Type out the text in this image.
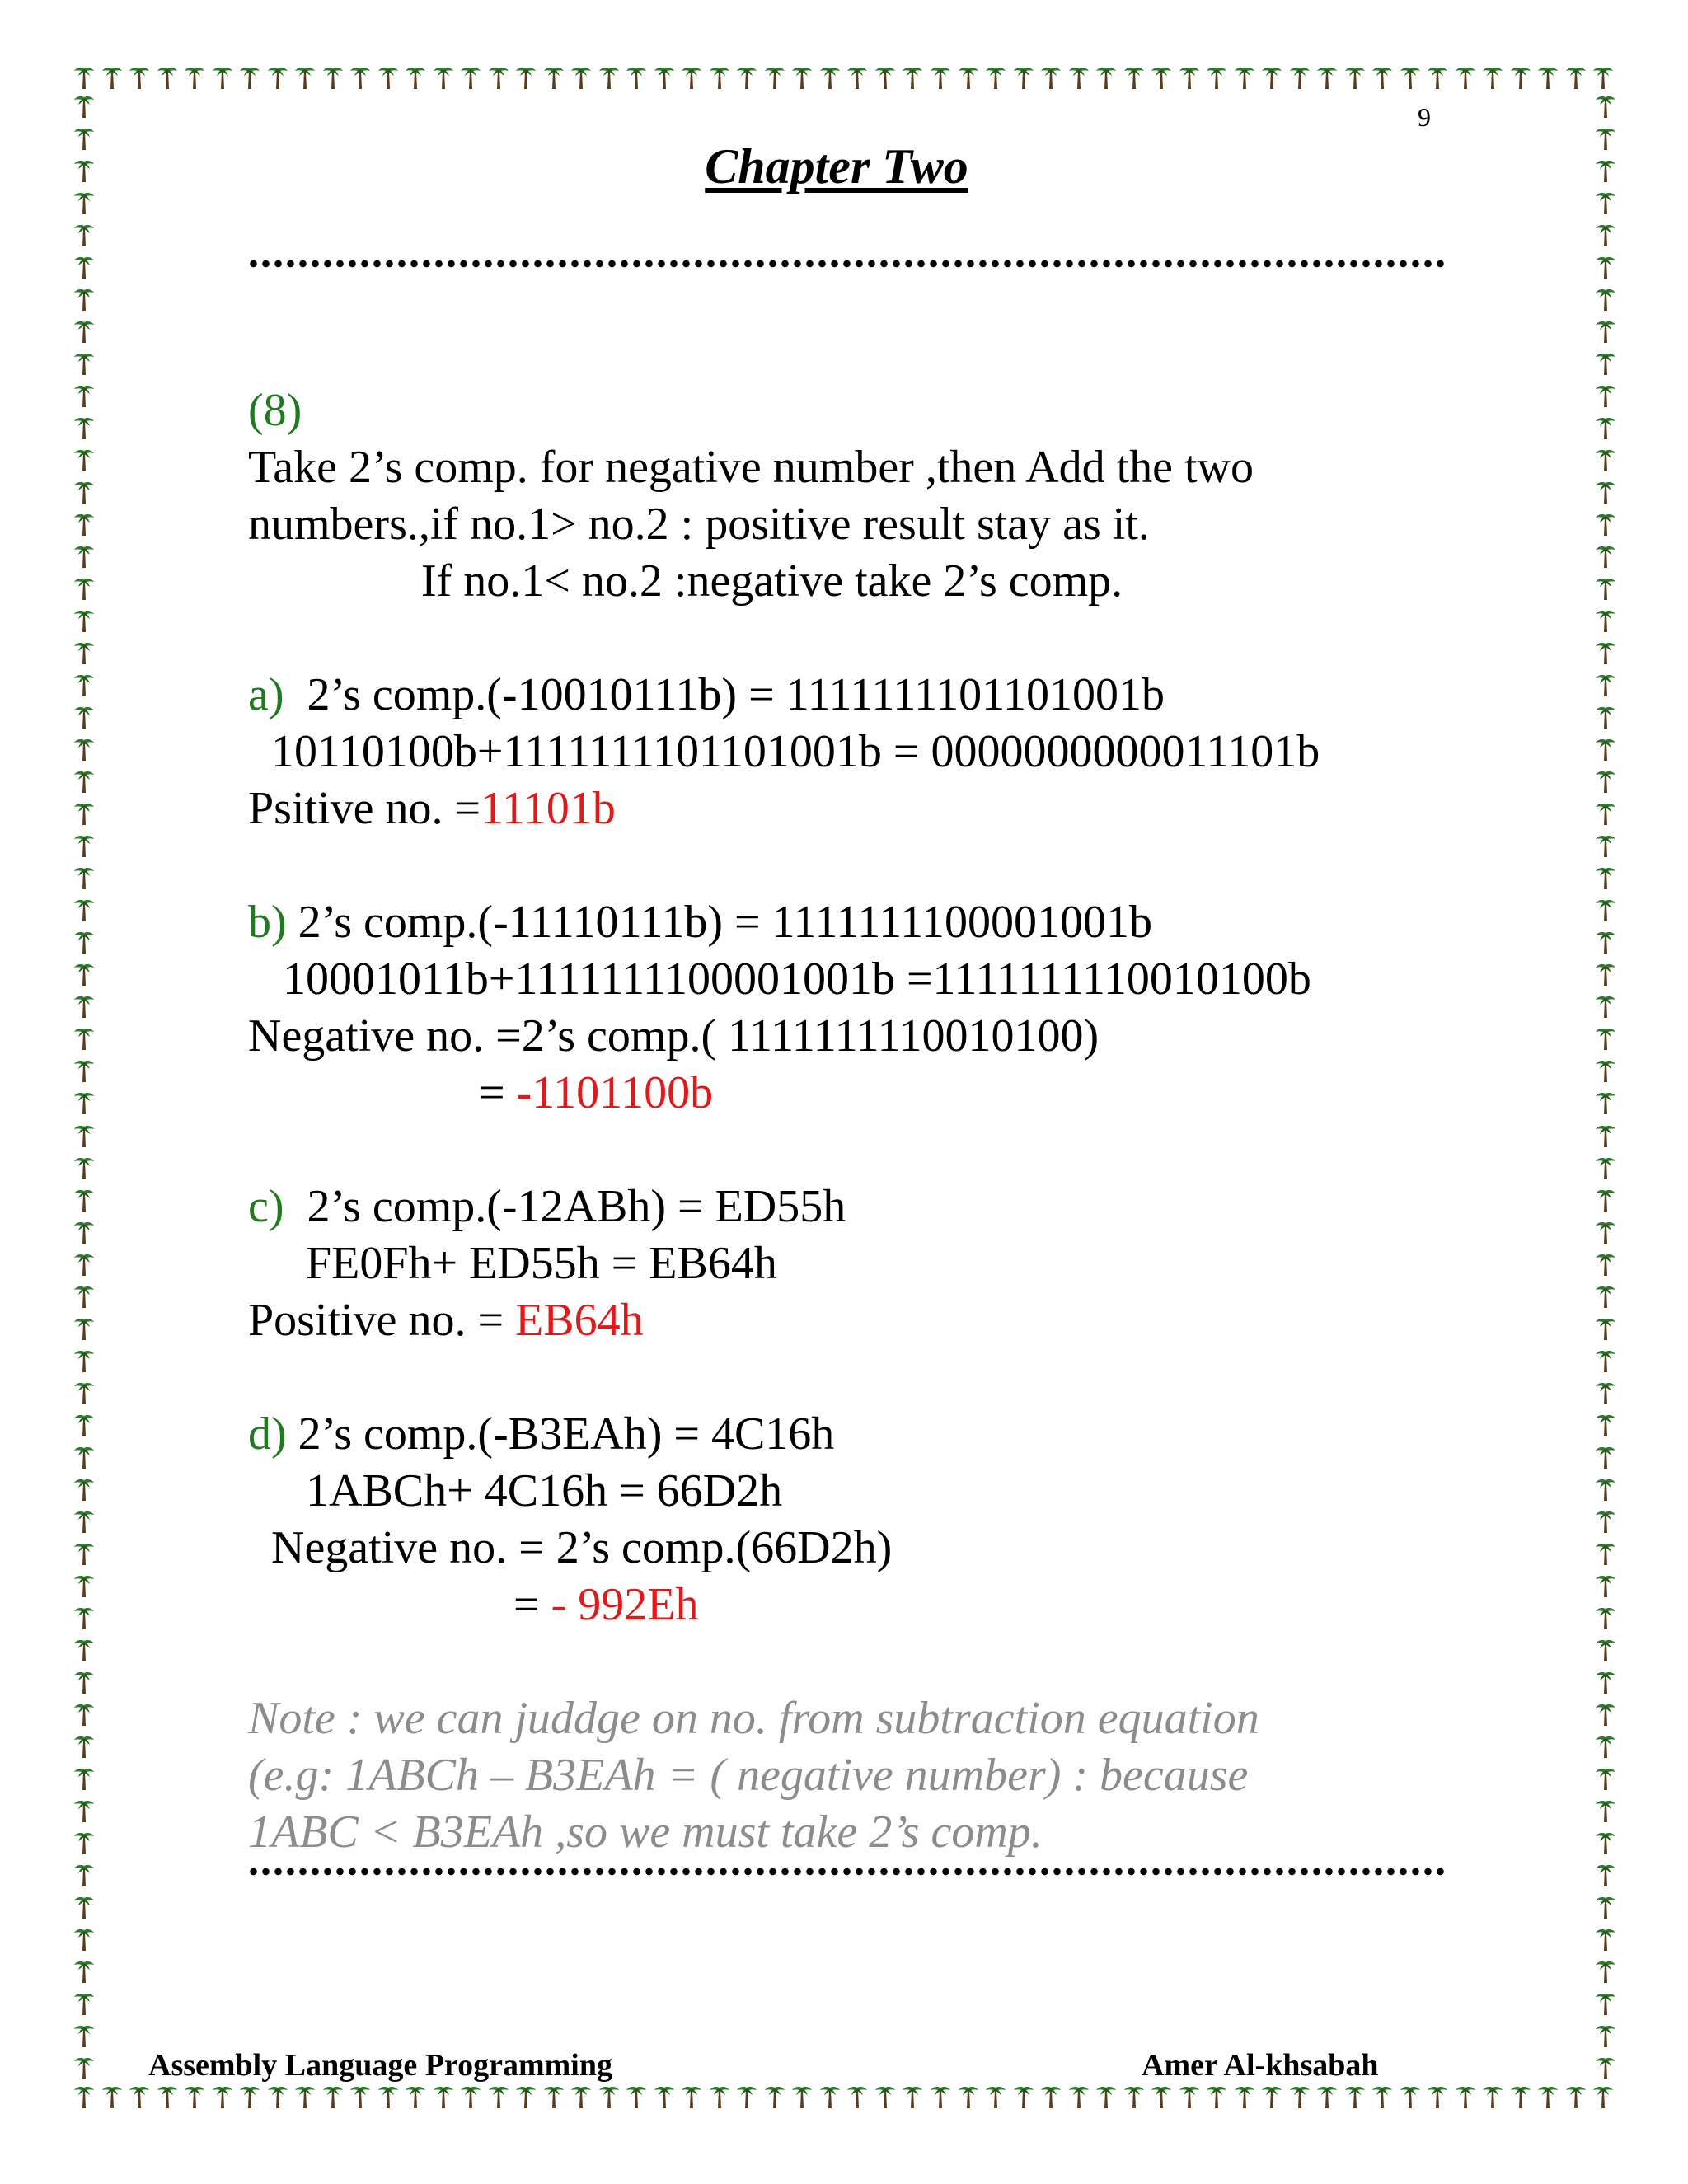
9
Chapter Two
(8)
Take 2’s comp. for negative number ,then Add the two
numbers.,if no.1> no.2 : positive result stay as it.
If no.1< no.2 :negative take 2’s comp.
a)  2’s comp.(-10010111b) = 1111111101101001b
10110100b+1111111101101001b = 0000000000011101b
Psitive no. =11101b
b) 2’s comp.(-11110111b) = 1111111100001001b
10001011b+1111111100001001b =1111111110010100b
Negative no. =2’s comp.( 1111111110010100)
= -1101100b
c)  2’s comp.(-12ABh) = ED55h
FE0Fh+ ED55h = EB64h
Positive no. = EB64h
d) 2’s comp.(-B3EAh) = 4C16h
1ABCh+ 4C16h = 66D2h
Negative no. = 2’s comp.(66D2h)
= - 992Eh
Note : we can juddge on no. from subtraction equation
(e.g: 1ABCh – B3EAh = ( negative number) : because
1ABC < B3EAh ,so we must take 2’s comp.
Assembly Language Programming	Amer Al-khsabah
